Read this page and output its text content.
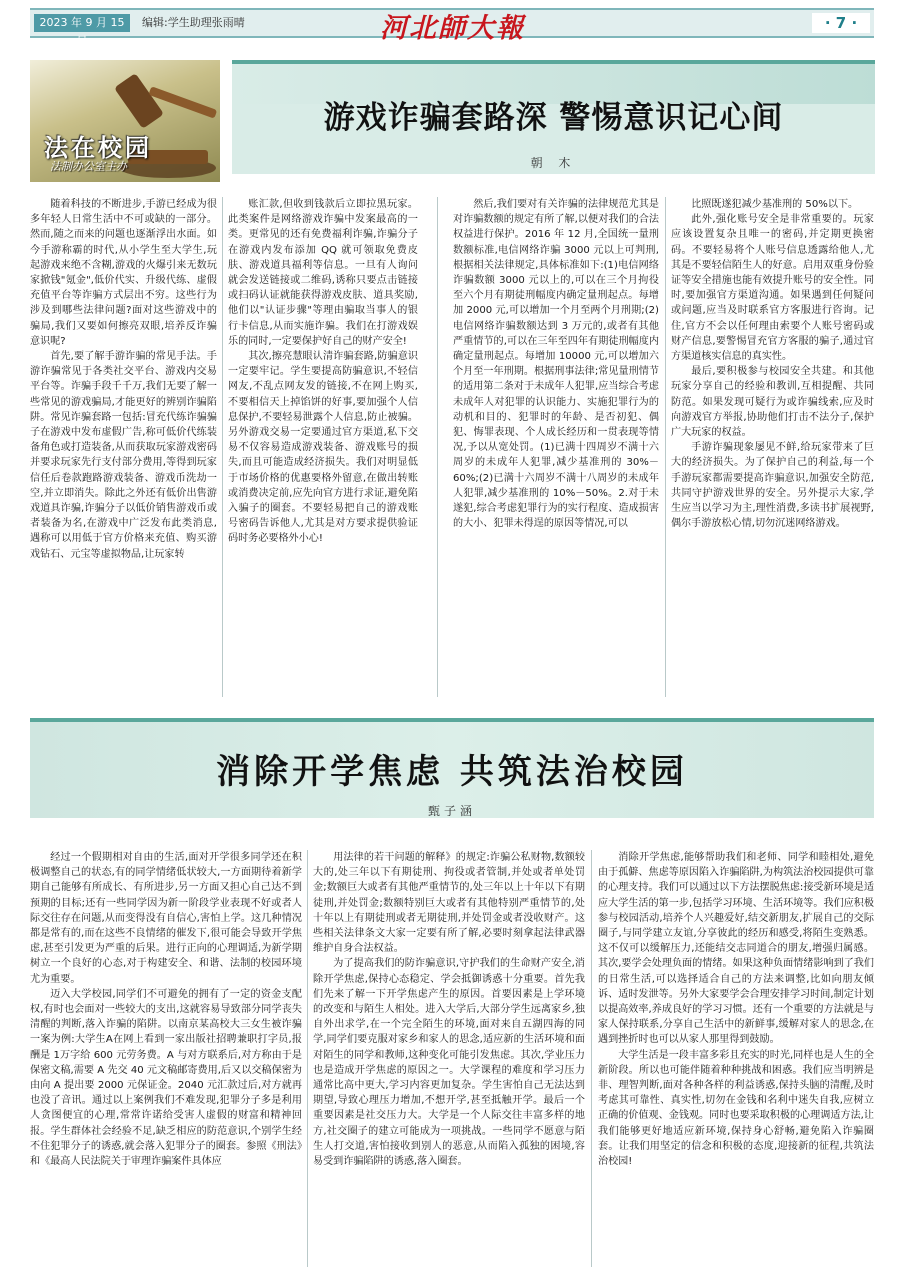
2023 年 9 月 15 日
编辑:学生助理张雨晴	河北師大報	· 7 ·
法在校园
法制办公室主办
游戏诈骗套路深 警惕意识记心间
朝 木

随着科技的不断进步,手游已经成为很多年轻人日常生活中不可或缺的一部分。然而,随之而来的问题也逐渐浮出水面。如今手游称霸的时代,从小学生至大学生,玩起游戏来绝不含糊,游戏的火爆引来无数玩家掀钱"氪金",低价代实、升级代练、虚假充值平台等诈骗方式层出不穷。这些行为涉及到哪些法律问题?面对这些游戏中的骗局,我们又要如何擦亮双眼,培养反诈骗意识呢?

首先,要了解手游诈骗的常见手法。手游诈骗常见于各类社交平台、游戏内交易平台等。诈骗手段千千万,我们无要了解一些常见的游戏骗局,才能更好的辨别诈骗陷阱。常见诈骗套路一包括:冒充代练诈骗骗子在游戏中发布虚假广告,称可低价代练装备角色或打造装备,从而获取玩家游戏密码并要求玩家先行支付部分费用,等得到玩家信任后卷款跑路游戏装备、游戏币洗劫一空,并立即消失。除此之外还有低价出售游戏道具诈骗,诈骗分子以低价销售游戏币或者装备为名,在游戏中广泛发布此类消息,遇称可以用低于官方价格来充值、购买游戏钻石、元宝等虚拟物品,让玩家转

账汇款,但收到钱款后立即拉黑玩家。此类案件是网络游戏诈骗中发案最高的一类。更常见的还有免费福利诈骗,诈骗分子在游戏内发布添加 QQ 就可领取免费皮肤、游戏道具福利等信息。一旦有人询问就会发送链接或二维码,诱称只要点击链接或扫码认证就能获得游戏皮肤、道具奖励,他们以"认证步骤"等理由骗取当事人的银行卡信息,从而实施诈骗。我们在打游戏娱乐的同时,一定要保护好自己的财产安全!

其次,擦亮慧眼认清诈骗套路,防骗意识一定要牢记。学生要提高防骗意识,不轻信网友,不乱点网友发的链接,不在网上购买,不要相信天上掉馅饼的好事,要加强个人信息保护,不要轻易泄露个人信息,防止被骗。另外游戏交易一定要通过官方渠道,私下交易不仅容易造成游戏装备、游戏账号的损失,而且可能造成经济损失。我们对明显低于市场价格的优惠要格外留意,在做出转账或消费决定前,应先向官方进行求证,避免陷入骗子的圈套。不要轻易把自己的游戏账号密码告诉他人,尤其是对方要求提供验证码时务必要格外小心!

然后,我们要对有关诈骗的法律规范尤其是对诈骗数额的规定有所了解,以便对我们的合法权益进行保护。2016 年 12 月,全国统一量刑数额标准,电信网络诈骗 3000 元以上可判刑,根据相关法律规定,具体标准如下:(1)电信网络诈骗数额 3000 元以上的,可以在三个月拘役至六个月有期徒刑幅度内确定量刑起点。每增加 2000 元,可以增加一个月至两个月刑期;(2)电信网络诈骗数额达到 3 万元的,或者有其他严重情节的,可以在三年至四年有期徒刑幅度内确定量刑起点。每增加 10000 元,可以增加六个月至一年刑期。根据刑事法律;常见量刑情节的适用第二条对于未成年人犯罪,应当综合考虑未成年人对犯罪的认识能力、实施犯罪行为的动机和目的、犯罪时的年龄、是否初犯、偶犯、悔罪表现、个人成长经历和一贯表现等情况,予以从宽处罚。(1)已满十四周岁不满十六周岁的未成年人犯罪,减少基准刑的 30%－60%;(2)已满十六周岁不满十八周岁的未成年人犯罪,减少基准刑的 10%－50%。2.对于未遂犯,综合考虑犯罪行为的实行程度、造成损害的大小、犯罪未得逞的原因等情况,可以

比照既遂犯减少基准刑的 50%以下。

此外,强化账号安全是非常重要的。玩家应该设置复杂且唯一的密码,并定期更换密码。不要轻易将个人账号信息透露给他人,尤其是不要轻信陌生人的好意。启用双重身份验证等安全措施也能有效提升账号的安全性。同时,要加强官方渠道沟通。如果遇到任何疑问或问题,应当及时联系官方客服进行咨询。记住,官方不会以任何理由索要个人账号密码或财产信息,要警惕冒充官方客服的骗子,通过官方渠道核实信息的真实性。

最后,要积极参与校园安全共建。和其他玩家分享自己的经验和教训,互相提醒、共同防范。如果发现可疑行为或诈骗线索,应及时向游戏官方举报,协助他们打击不法分子,保护广大玩家的权益。

手游诈骗现象屡见不鲜,给玩家带来了巨大的经济损失。为了保护自己的利益,每一个手游玩家都需要提高诈骗意识,加强安全防范,共同守护游戏世界的安全。另外提示大家,学生应当以学习为主,理性消费,多读书扩展视野,偶尔手游放松心情,切勿沉迷网络游戏。

消除开学焦虑 共筑法治校园
甄子涵

经过一个假期相对自由的生活,面对开学很多同学还在积极调整自己的状态,有的同学情绪低状较大,一方面期待着新学期自己能够有所成长、有所进步,另一方面又担心自己达不到预期的目标;还有一些同学因为新一阶段学业表现不好或者人际交往存在问题,从而变得没有自信心,害怕上学。这几种情况都是常有的,而在这些不良情绪的催发下,很可能会导致开学焦虑,甚至引发更为严重的后果。进行正向的心理调适,为新学期树立一个良好的心态,对于构建安全、和谐、法制的校园环境尤为重要。

迈入大学校园,同学们不可避免的拥有了一定的资金支配权,有时也会面对一些较大的支出,这就容易导致部分同学丧失清醒的判断,落入诈骗的陷阱。以南京某高校大三女生被诈骗一案为例:大学生A在网上看到一家出版社招聘兼职打字员,报酬是 1万字给 600 元劳务费。A 与对方联系后,对方称由于是保密文稿,需要 A 先交 40 元文稿邮寄费用,后又以交稿保密为由向 A 提出要 2000 元保证金。2040 元汇款过后,对方就再也没了音讯。通过以上案例我们不难发现,犯罪分子多是利用人贪图便宜的心理,常常许诺给受害人虚假的财富和精神回报。学生群体社会经验不足,缺乏相应的防范意识,个别学生经不住犯罪分子的诱惑,就会落入犯罪分子的圈套。参照《刑法》和《最高人民法院关于审理诈骗案件具体应

用法律的若干问题的解释》的规定:诈骗公私财物,数额较大的,处三年以下有期徒刑、拘役或者管制,并处或者单处罚金;数额巨大或者有其他严重情节的,处三年以上十年以下有期徒刑,并处罚金;数额特别巨大或者有其他特别严重情节的,处十年以上有期徒刑或者无期徒刑,并处罚金或者没收财产。这些相关法律条文大家一定要有所了解,必要时刻拿起法律武器维护自身合法权益。

为了提高我们的防诈骗意识,守护我们的生命财产安全,消除开学焦虑,保持心态稳定、学会抵御诱惑十分重要。首先我们先来了解一下开学焦虑产生的原因。首要因素是上学环境的改变和与陌生人相处。进入大学后,大部分学生远离家乡,独自外出求学,在一个完全陌生的环境,面对来自五湖四海的同学,同学们要克服对家乡和家人的思念,适应新的生活环境和面对陌生的同学和教师,这种变化可能引发焦虑。其次,学业压力也是造成开学焦虑的原因之一。大学课程的难度和学习压力通常比高中更大,学习内容更加复杂。学生害怕自己无法达到期望,导致心理压力增加,不想开学,甚至抵触开学。最后一个重要因素是社交压力大。大学是一个人际交往丰富多样的地方,社交圈子的建立可能成为一项挑战。一些同学不愿意与陌生人打交道,害怕接收到别人的恶意,从而陷入孤独的困境,容易受到诈骗陷阱的诱惑,落入圈套。

消除开学焦虑,能够帮助我们和老师、同学和睦相处,避免由于孤僻、焦虑等原因陷入诈骗陷阱,为构筑法治校园提供可靠的心理支持。我们可以通过以下方法摆脱焦虑:接受新环境是适应大学生活的第一步,包括学习环境、生活环境等。我们应积极参与校园活动,培养个人兴趣爱好,结交新朋友,扩展自己的交际圈子,与同学建立友谊,分享彼此的经历和感受,将陌生变熟悉。这不仅可以缓解压力,还能结交志同道合的朋友,增强归属感。其次,要学会处理负面的情绪。如果这种负面情绪影响到了我们的日常生活,可以选择适合自己的方法来调整,比如向朋友倾诉、适时发泄等。另外大家要学会合理安排学习时间,制定计划以提高效率,养成良好的学习习惯。还有一个重要的方法就是与家人保持联系,分享自己生活中的新鲜事,缓解对家人的思念,在遇到挫折时也可以从家人那里得到鼓励。

大学生活是一段丰富多彩且充实的时光,同样也是人生的全新阶段。所以也可能伴随着种种挑战和困惑。我们应当明辨是非、理智判断,面对各种各样的利益诱惑,保持头脑的清醒,及时考虑其可靠性、真实性,切勿在金钱和名利中迷失自我,应树立正确的价值观、金钱观。同时也要采取积极的心理调适方法,让我们能够更好地适应新环境,保持身心舒畅,避免陷入诈骗圈套。让我们用坚定的信念和积极的态度,迎接新的征程,共筑法治校园!
